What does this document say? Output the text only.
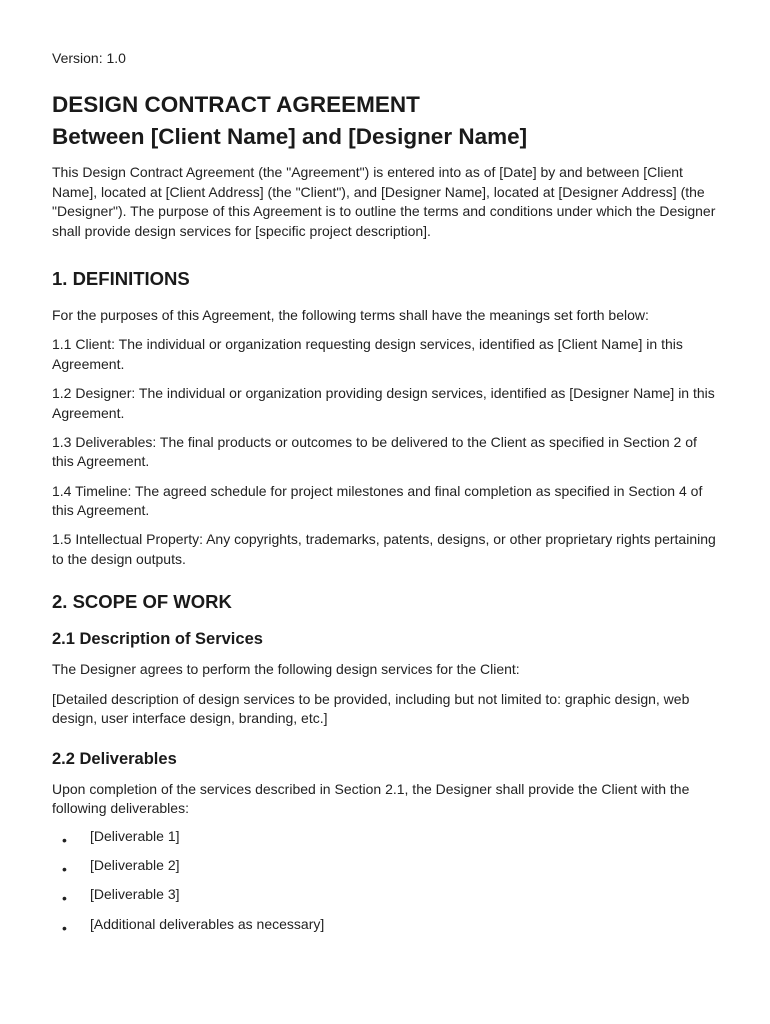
Version: 1.0
DESIGN CONTRACT AGREEMENT
Between [Client Name] and [Designer Name]

This Design Contract Agreement (the "Agreement") is entered into as of [Date] by and between [Client Name], located at [Client Address] (the "Client"), and [Designer Name], located at [Designer Address] (the "Designer"). The purpose of this Agreement is to outline the terms and conditions under which the Designer shall provide design services for [specific project description].

1. DEFINITIONS

For the purposes of this Agreement, the following terms shall have the meanings set forth below:

1.1 Client: The individual or organization requesting design services, identified as [Client Name] in this Agreement.

1.2 Designer: The individual or organization providing design services, identified as [Designer Name] in this Agreement.

1.3 Deliverables: The final products or outcomes to be delivered to the Client as specified in Section 2 of this Agreement.

1.4 Timeline: The agreed schedule for project milestones and final completion as specified in Section 4 of this Agreement.

1.5 Intellectual Property: Any copyrights, trademarks, patents, designs, or other proprietary rights pertaining to the design outputs.

2. SCOPE OF WORK
2.1 Description of Services

The Designer agrees to perform the following design services for the Client:

[Detailed description of design services to be provided, including but not limited to: graphic design, web design, user interface design, branding, etc.]

2.2 Deliverables

Upon completion of the services described in Section 2.1, the Designer shall provide the Client with the following deliverables:

• [Deliverable 1]
• [Deliverable 2]
• [Deliverable 3]
• [Additional deliverables as necessary]
